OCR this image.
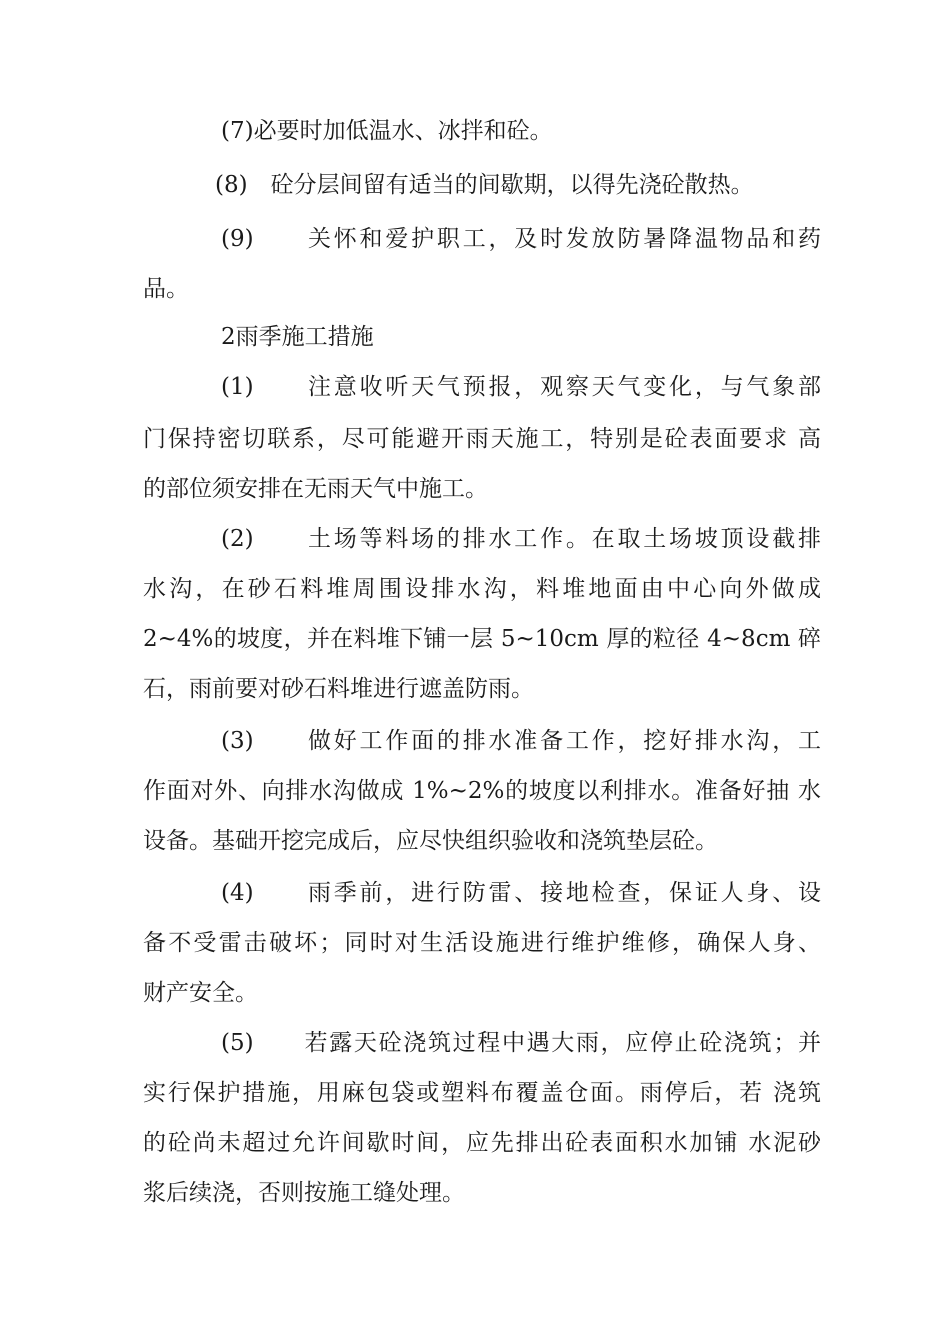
(7)必要时加低温水、冰拌和砼。
(8)　砼分层间留有适当的间歇期，以得先浇砼散热。
(9)　　关怀和爱护职工，及时发放防暑降温物品和药
品。
2雨季施工措施
(1)　　注意收听天气预报，观察天气变化，与气象部
门保持密切联系，尽可能避开雨天施工，特别是砼表面要求 高
的部位须安排在无雨天气中施工。
(2)　　土场等料场的排水工作。在取土场坡顶设截排
水沟，在砂石料堆周围设排水沟，料堆地面由中心向外做成
2~4%的坡度，并在料堆下铺一层 5~10cm 厚的粒径 4~8cm 碎
石，雨前要对砂石料堆进行遮盖防雨。
(3)　　做好工作面的排水准备工作，挖好排水沟，工
作面对外、向排水沟做成 1%~2%的坡度以利排水。准备好抽 水
设备。基础开挖完成后，应尽快组织验收和浇筑垫层砼。
(4)　　雨季前，进行防雷、接地检查，保证人身、设
备不受雷击破坏；同时对生活设施进行维护维修，确保人身、
财产安全。
(5)　　若露天砼浇筑过程中遇大雨，应停止砼浇筑；并
实行保护措施，用麻包袋或塑料布覆盖仓面。雨停后，若 浇筑
的砼尚未超过允许间歇时间，应先排出砼表面积水加铺 水泥砂
浆后续浇，否则按施工缝处理。
